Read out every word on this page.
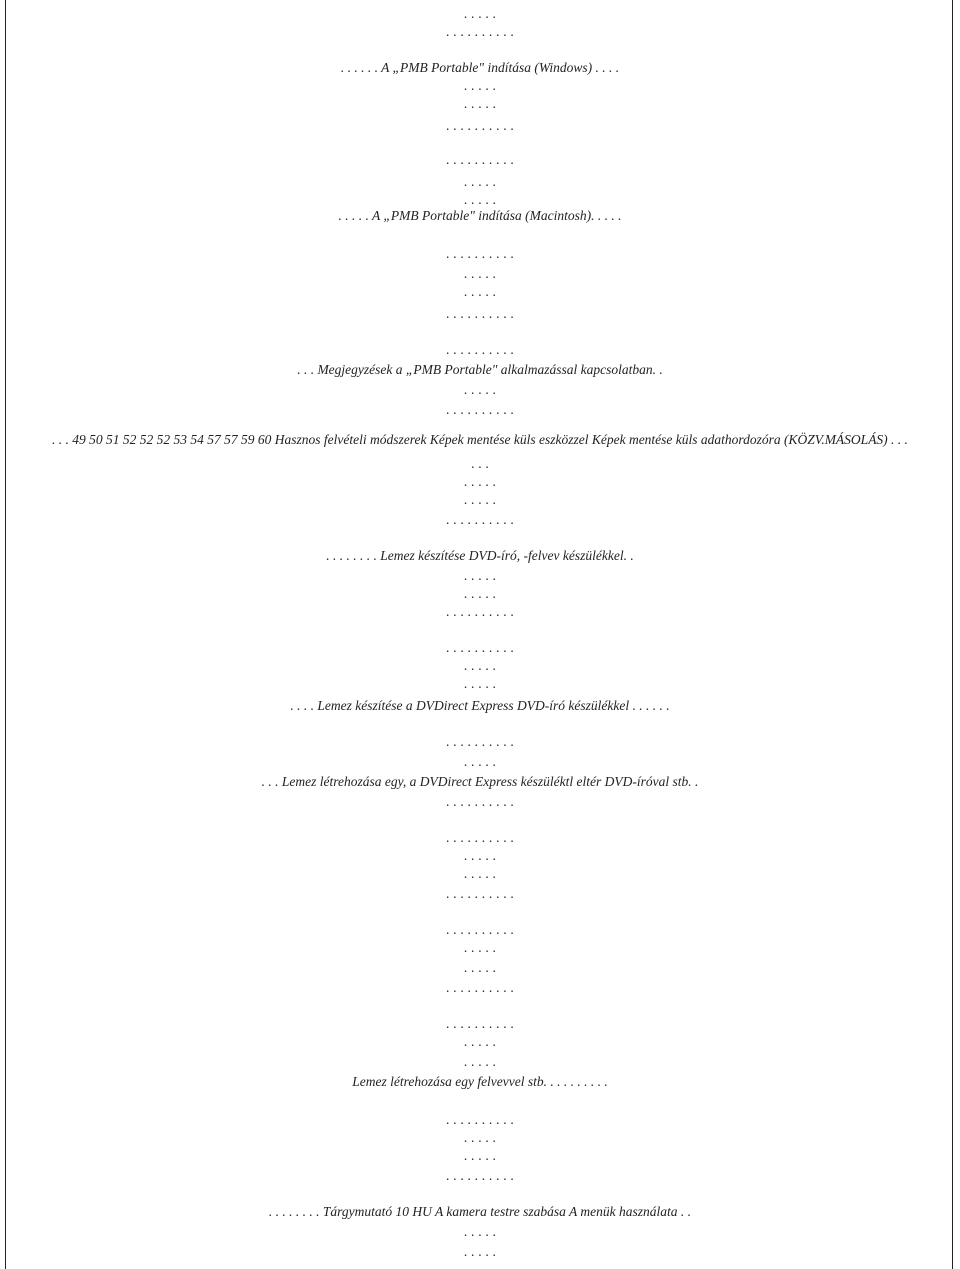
. . . . .
. . . . . . . . . .
. . . . . . A „PMB Portable" indítása (Windows) . . . .
. . . . .
. . . . .
. . . . . . . . . .
. . . . . . . . . .
. . . . .
. . . . .
. . . . . A „PMB Portable" indítása (Macintosh). . . . .
. . . . . . . . . .
. . . . .
. . . . .
. . . . . . . . . .
. . . . . . . . . .
. . . Megjegyzések a „PMB Portable" alkalmazással kapcsolatban. .
. . . . .
. . . . . . . . . .
. . . 49 50 51 52 52 52 53 54 57 57 59 60 Hasznos felvételi módszerek Képek mentése küls eszközzel Képek mentése küls adathordozóra (KÖZV.MÁSOLÁS) . . .
. . .
. . . . .
. . . . .
. . . . . . . . . .
. . . . . . . . Lemez készítése DVD-író, -felvev készülékkel. .
. . . . .
. . . . .
. . . . . . . . . .
. . . . . . . . . .
. . . . .
. . . . .
. . . . Lemez készítése a DVDirect Express DVD-író készülékkel . . . . . .
. . . . . . . . . .
. . . . .
. . . Lemez létrehozása egy, a DVDirect Express készüléktl eltér DVD-íróval stb. .
. . . . . . . . . .
. . . . . . . . . .
. . . . .
. . . . .
. . . . . . . . . .
. . . . . . . . . .
. . . . .
. . . . .
. . . . . . . . . .
. . . . . . . . . .
. . . . .
. . . . .
Lemez létrehozása egy felvevvel stb. . . . . . . . . .
. . . . . . . . . .
. . . . .
. . . . .
. . . . . . . . . .
. . . . . . . . Tárgymutató 10 HU A kamera testre szabása A menük használata . .
. . . . .
. . . . .
